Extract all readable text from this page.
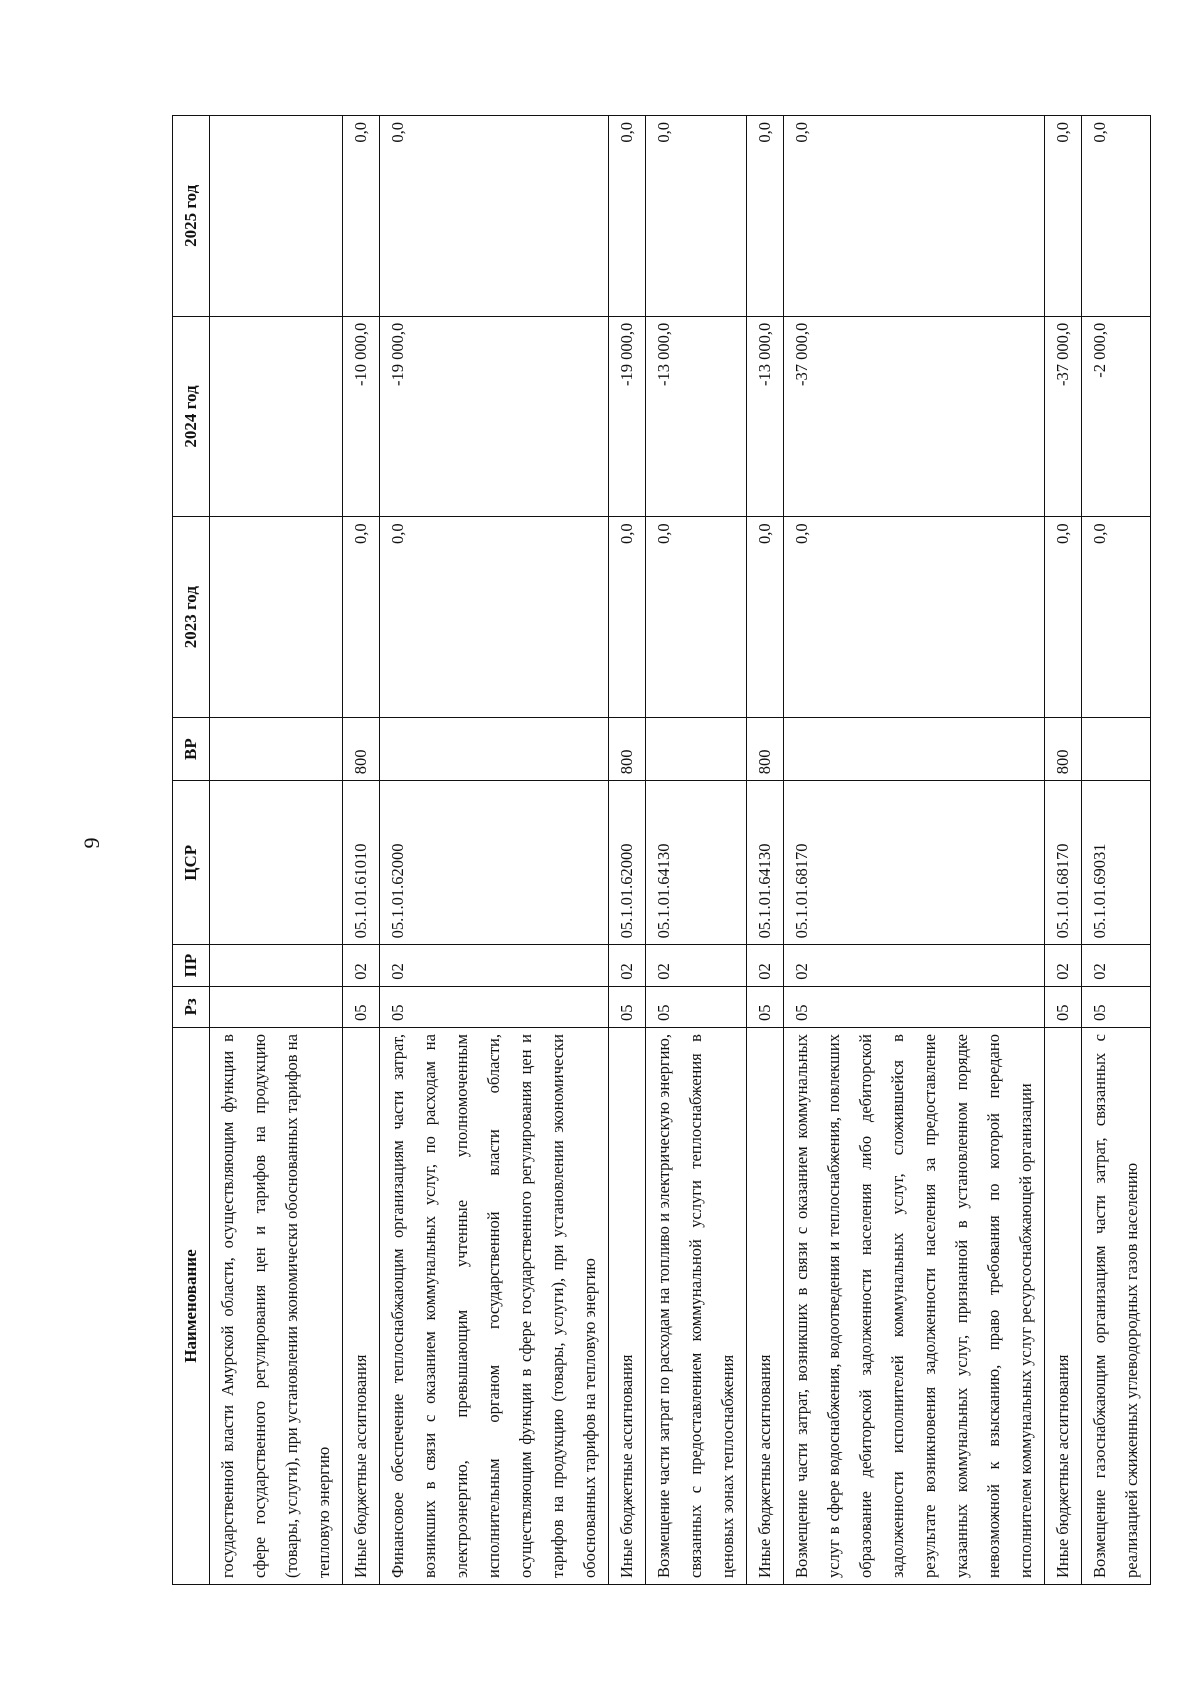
9
Наименование	Рз	ПР	ЦСР	ВР	2023 год	2024 год	2025 год
государственной власти Амурской области, осуществляющим функции в сфере государственного регулирования цен и тарифов на продукцию (товары, услуги), при установлении экономически обоснованных тарифов на тепловую энергию							
Иные бюджетные ассигнования	05	02	05.1.01.61010	800	0,0	-10 000,0	0,0
Финансовое обеспечение теплоснабжающим организациям части затрат, возникших в связи с оказанием коммунальных услуг, по расходам на электроэнергию, превышающим учтенные уполномоченным исполнительным органом государственной власти области, осуществляющим функции в сфере государственного регулирования цен и тарифов на продукцию (товары, услуги), при установлении экономически обоснованных тарифов на тепловую энергию	05	02	05.1.01.62000		0,0	-19 000,0	0,0
Иные бюджетные ассигнования	05	02	05.1.01.62000	800	0,0	-19 000,0	0,0
Возмещение части затрат по расходам на топливо и электрическую энергию, связанных с предоставлением коммунальной услуги теплоснабжения в ценовых зонах теплоснабжения	05	02	05.1.01.64130		0,0	-13 000,0	0,0
Иные бюджетные ассигнования	05	02	05.1.01.64130	800	0,0	-13 000,0	0,0
Возмещение части затрат, возникших в связи с оказанием коммунальных услуг в сфере водоснабжения, водоотведения и теплоснабжения, повлекших образование дебиторской задолженности населения либо дебиторской задолженности исполнителей коммунальных услуг, сложившейся в результате возникновения задолженности населения за предоставление указанных коммунальных услуг, признанной в установленном порядке невозможной к взысканию, право требования по которой передано исполнителем коммунальных услуг ресурсоснабжающей организации	05	02	05.1.01.68170		0,0	-37 000,0	0,0
Иные бюджетные ассигнования	05	02	05.1.01.68170	800	0,0	-37 000,0	0,0
Возмещение газоснабжающим организациям части затрат, связанных с реализацией сжиженных углеводородных газов населению	05	02	05.1.01.69031		0,0	-2 000,0	0,0
